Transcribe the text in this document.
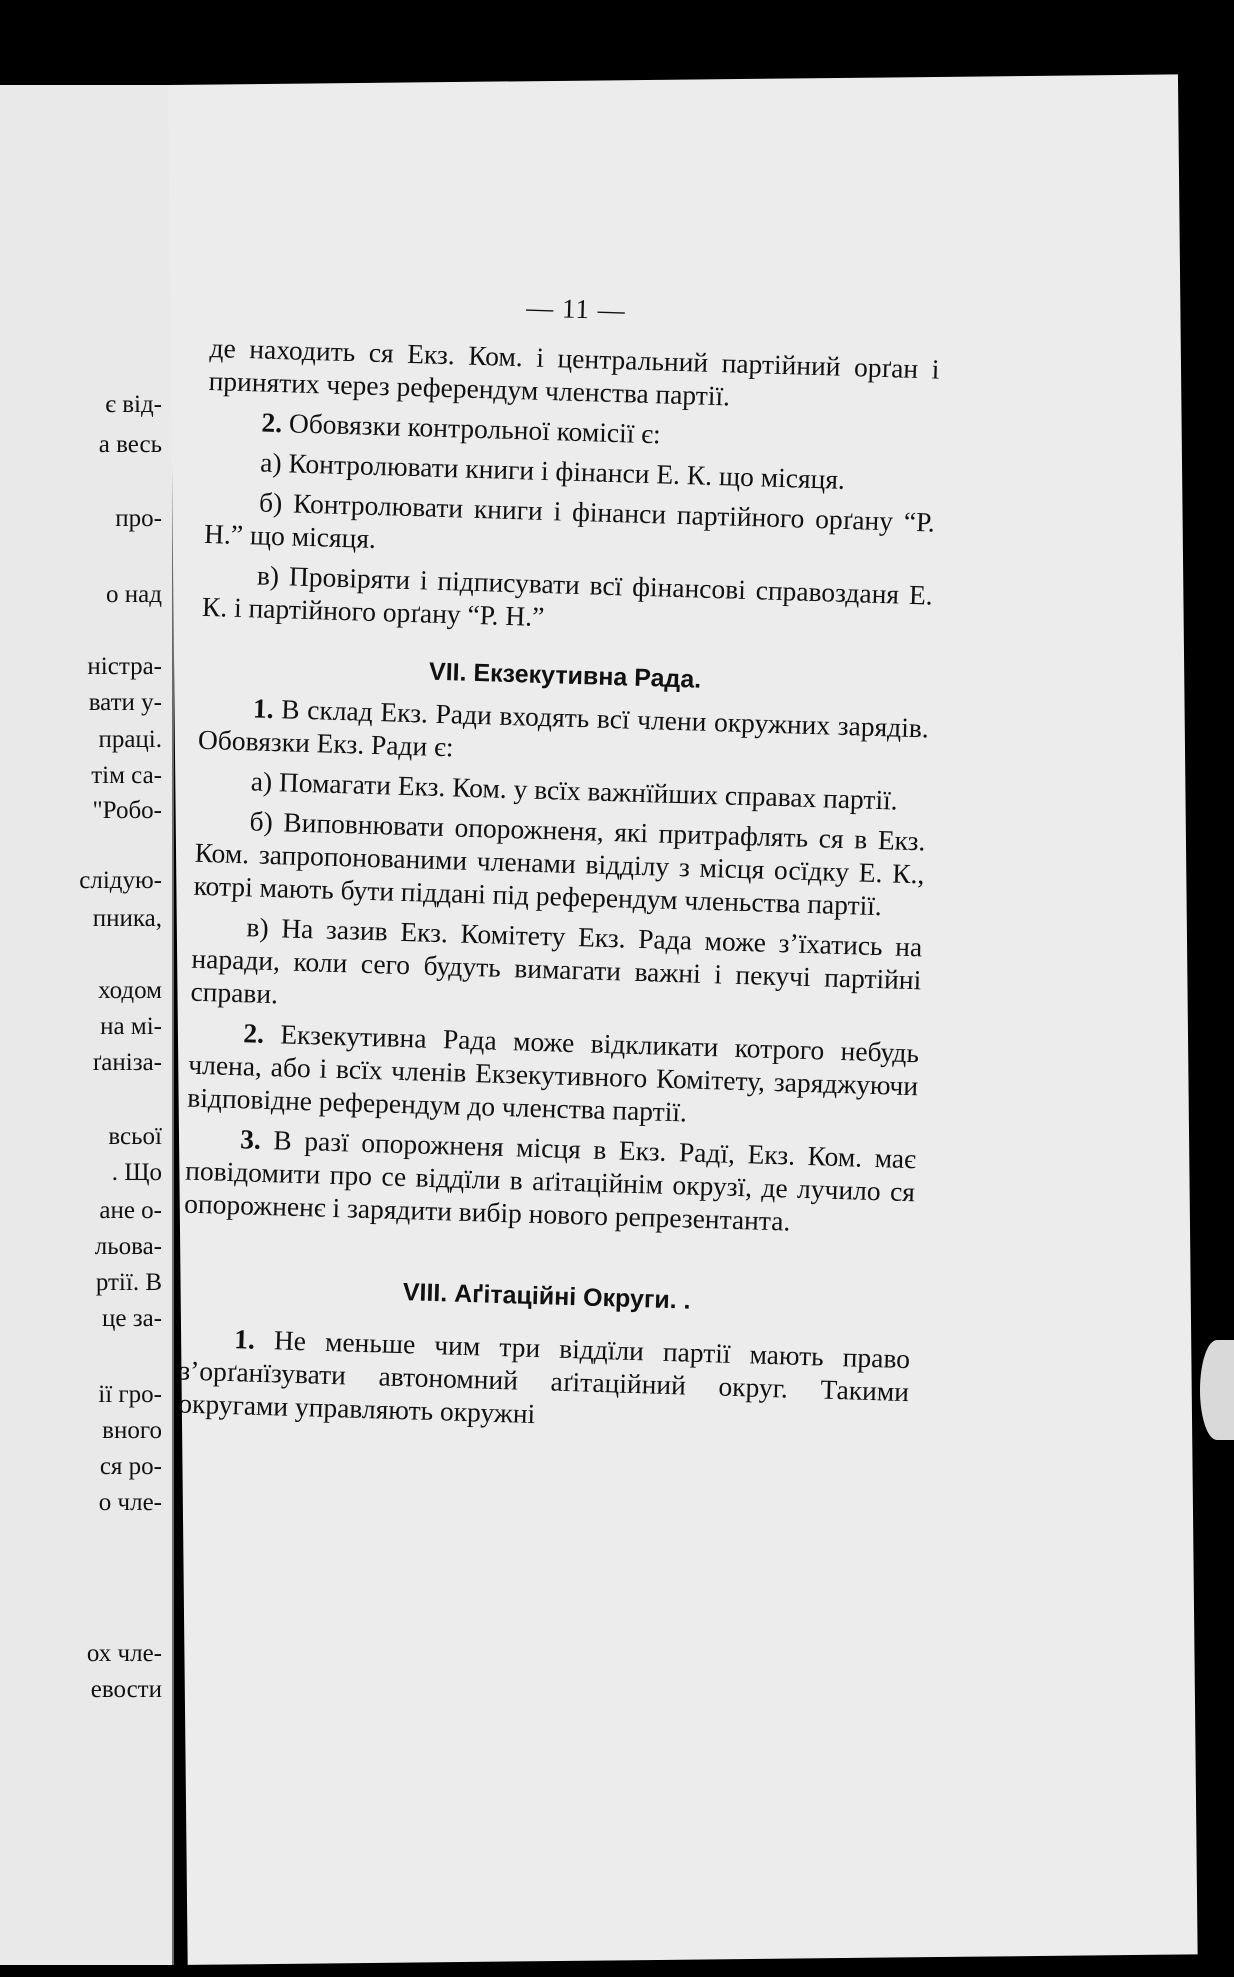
є від-
а весь
про-
о над
ністра-
вати у-
праці.
тім са-
"Робо-
слідую-
пника,
ходом
на мі-
ґанізa-
всьої
. Що
ане о-
льова-
ртії. В
це за-
ії гро-
вного
ся ро-
о чле-
ох чле-
евости
— 11 —

де находить ся Екз. Ком. і центральний партійний орґан і принятих через референдум членства партії.

2. Обовязки контрольної комісії є:

а) Контролювати книги і фінанси Е. К. що місяця.

б) Контролювати книги і фінанси партійного орґану “Р. Н.” що місяця.

в) Провіряти і підписувати всї фінансові справозданя Е. К. і партійного орґану “Р. Н.”

VII. Екзекутивна Рада.

1. В склад Екз. Ради входять всї члени окружних зарядів. Обовязки Екз. Ради є:

а) Помагати Екз. Ком. у всїх важнїйших справах партії.

б) Виповнювати опорожненя, які притрафлять ся в Екз. Ком. запропонованими членами відділу з місця осїдку Е. К., котрі мають бути піддані під референдум членьства партії.

в) На зазив Екз. Комітету Екз. Рада може з’їхатись на наради, коли сего будуть вимагати важні і пекучі партійні справи.

2. Екзекутивна Рада може відкликати котрого небудь члена, або і всїх членів Екзекутивного Комітету, заряджуючи відповідне референдум до членства партії.

3. В разї опорожненя місця в Екз. Радї, Екз. Ком. має повідомити про се віддїли в аґітаційнім окрузї, де лучило ся опорожненє і зарядити вибір нового репрезентанта.

VIII. Аґітаційні Округи. .

1. Не меньше чим три віддїли партії мають право з’орґанїзувати автономний аґітаційний округ. Такими округами управляють окружні
